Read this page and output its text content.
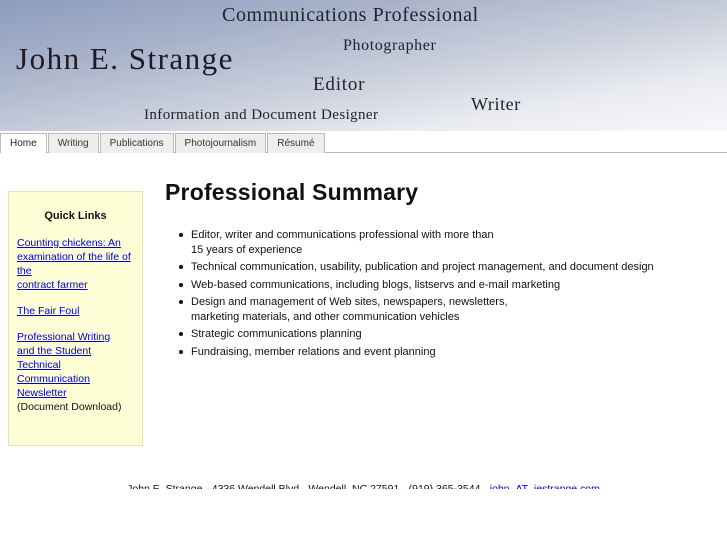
John E. Strange
Communications Professional
Photographer
Editor
Information and Document Designer
Writer
Home	Writing	Publications	Photojournalism	Résumé
Quick Links
Counting chickens: An
examination of the life of the
contract farmer
The Fair Foul
Professional Writing
and the Student Technical
Communication Newsletter
(Document Download)
Professional Summary
Editor, writer and communications professional with more than
15 years of experience
Technical communication, usability, publication and project management, and document design
Web-based communications, including blogs, listservs and e-mail marketing
Design and management of Web sites, newspapers, newsletters,
marketing materials, and other communication vehicles
Strategic communications planning
Fundraising, member relations and event planning
